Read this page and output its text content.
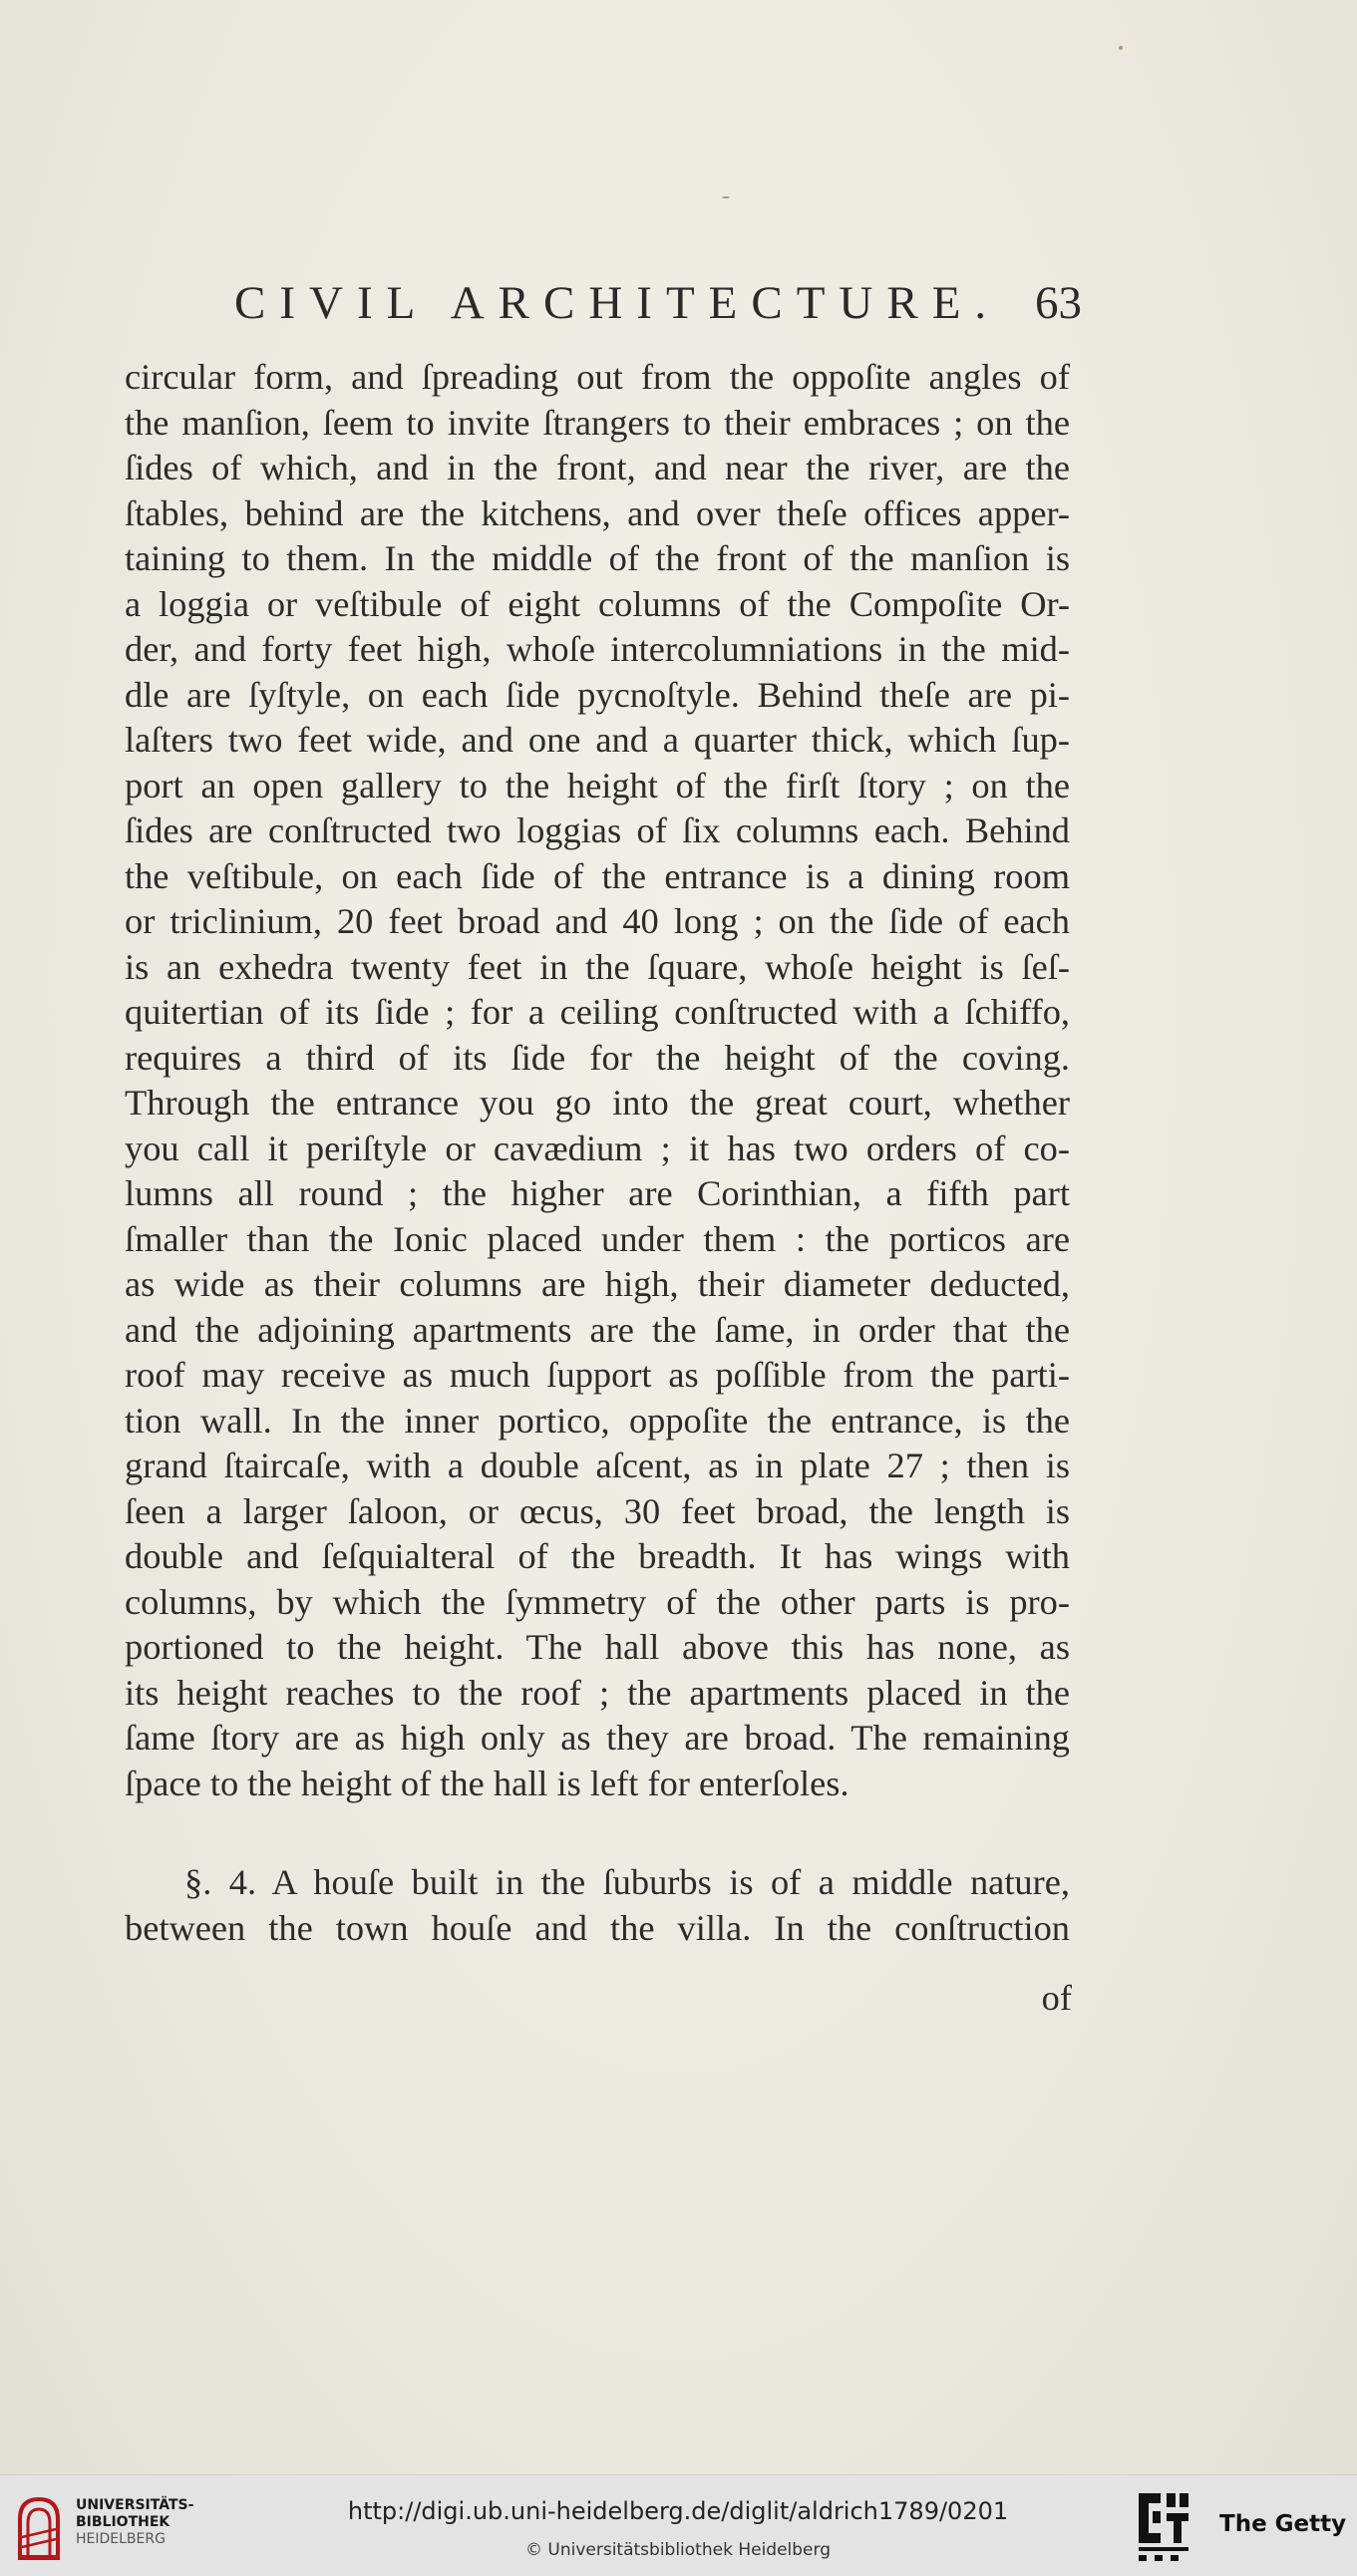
CIVIL ARCHITECTURE. 63
circular form, and ſpreading out from the oppoſite angles of
the manſion, ſeem to invite ſtrangers to their embraces ; on the
ſides of which, and in the front, and near the river, are the
ſtables, behind are the kitchens, and over theſe offices apper-
taining to them. In the middle of the front of the manſion is
a loggia or veſtibule of eight columns of the Compoſite Or-
der, and forty feet high, whoſe intercolumniations in the mid-
dle are ſyſtyle, on each ſide pycnoſtyle. Behind theſe are pi-
laſters two feet wide, and one and a quarter thick, which ſup-
port an open gallery to the height of the firſt ſtory ; on the
ſides are conſtructed two loggias of ſix columns each. Behind
the veſtibule, on each ſide of the entrance is a dining room
or triclinium, 20 feet broad and 40 long ; on the ſide of each
is an exhedra twenty feet in the ſquare, whoſe height is ſeſ-
quitertian of its ſide ; for a ceiling conſtructed with a ſchiffo,
requires a third of its ſide for the height of the coving.
Through the entrance you go into the great court, whether
you call it periſtyle or cavædium ; it has two orders of co-
lumns all round ; the higher are Corinthian, a fifth part
ſmaller than the Ionic placed under them : the porticos are
as wide as their columns are high, their diameter deducted,
and the adjoining apartments are the ſame, in order that the
roof may receive as much ſupport as poſſible from the parti-
tion wall. In the inner portico, oppoſite the entrance, is the
grand ſtaircaſe, with a double aſcent, as in plate 27 ; then is
ſeen a larger ſaloon, or œcus, 30 feet broad, the length is
double and ſeſquialteral of the breadth. It has wings with
columns, by which the ſymmetry of the other parts is pro-
portioned to the height. The hall above this has none, as
its height reaches to the roof ; the apartments placed in the
ſame ſtory are as high only as they are broad. The remaining
ſpace to the height of the hall is left for enterſoles.
§. 4. A houſe built in the ſuburbs is of a middle nature,
between the town houſe and the villa. In the conſtruction
of
UNIVERSITÄTS-
BIBLIOTHEK
HEIDELBERG
http://digi.ub.uni-heidelberg.de/diglit/aldrich1789/0201
© Universitätsbibliothek Heidelberg
The Getty
